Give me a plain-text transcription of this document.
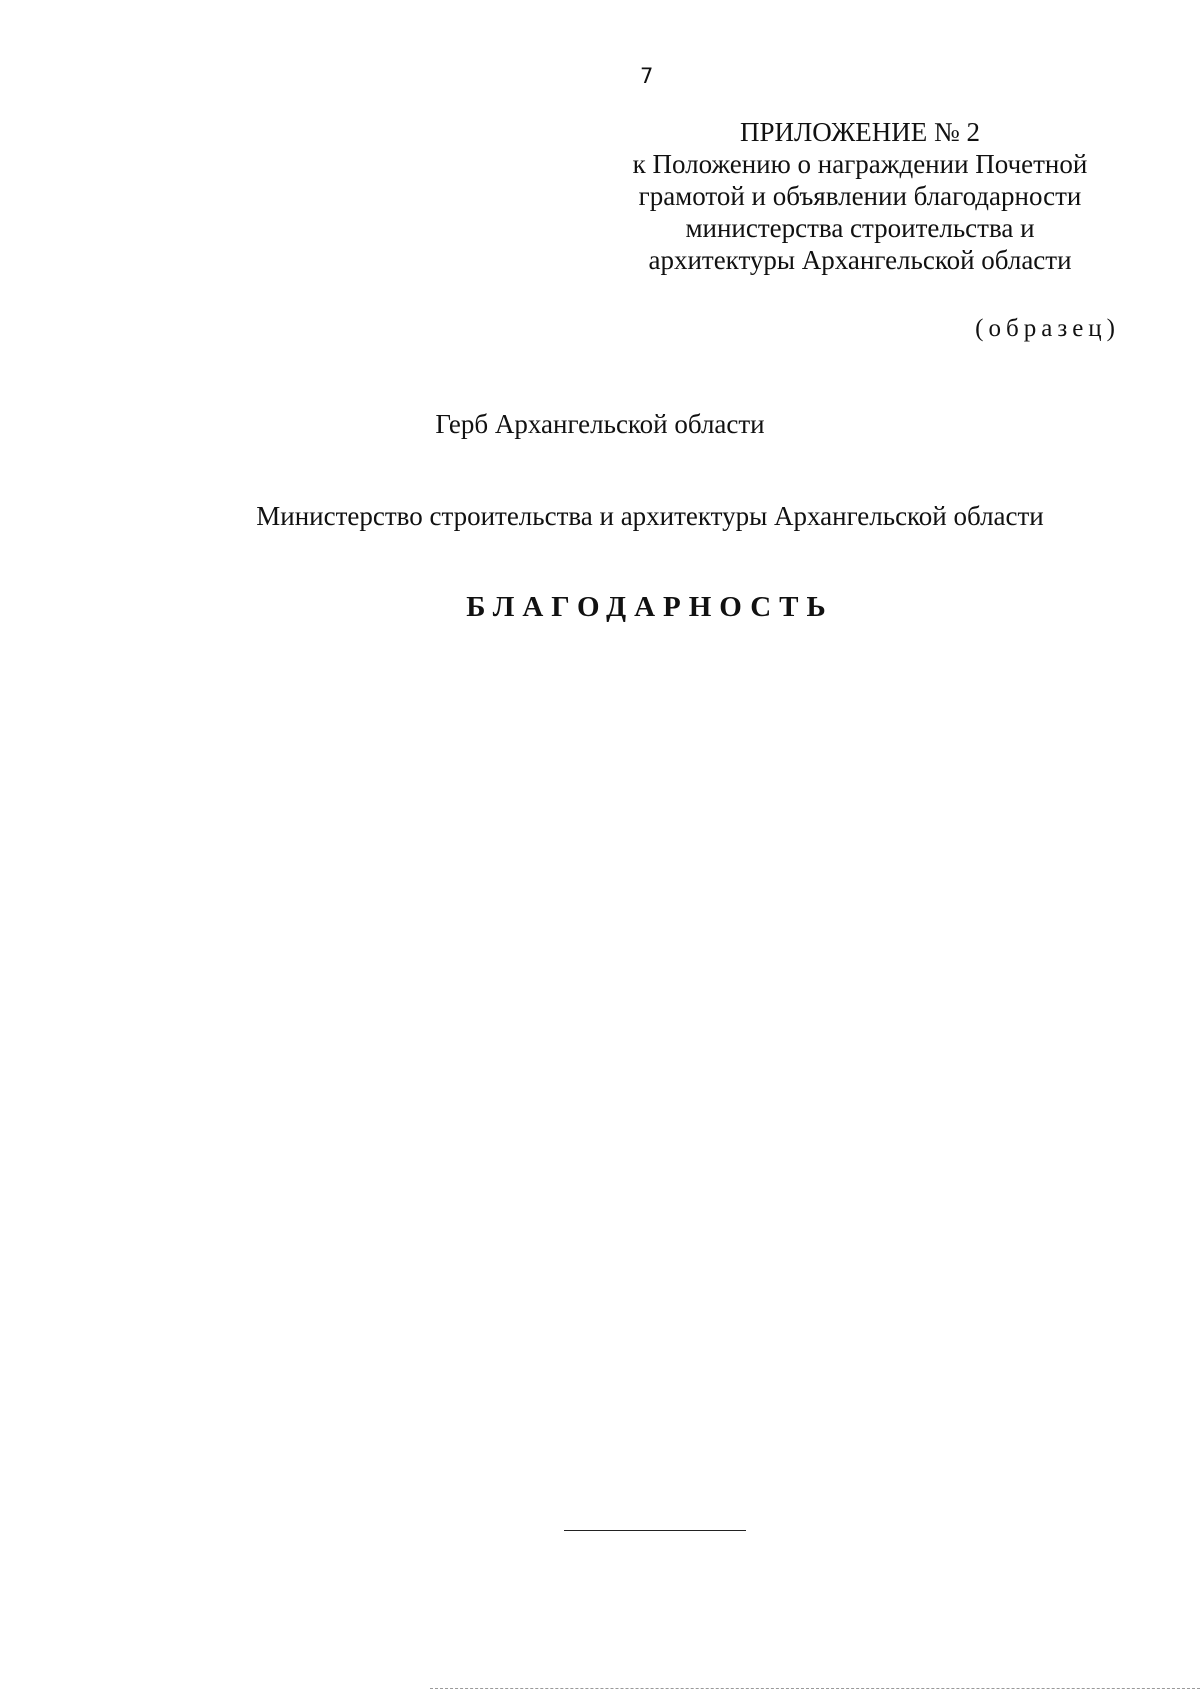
7
ПРИЛОЖЕНИЕ № 2
к Положению о награждении Почетной
грамотой и объявлении благодарности
министерства строительства и
архитектуры Архангельской области
(образец)
Герб Архангельской области
Министерство строительства и архитектуры Архангельской области
БЛАГОДАРНОСТЬ
